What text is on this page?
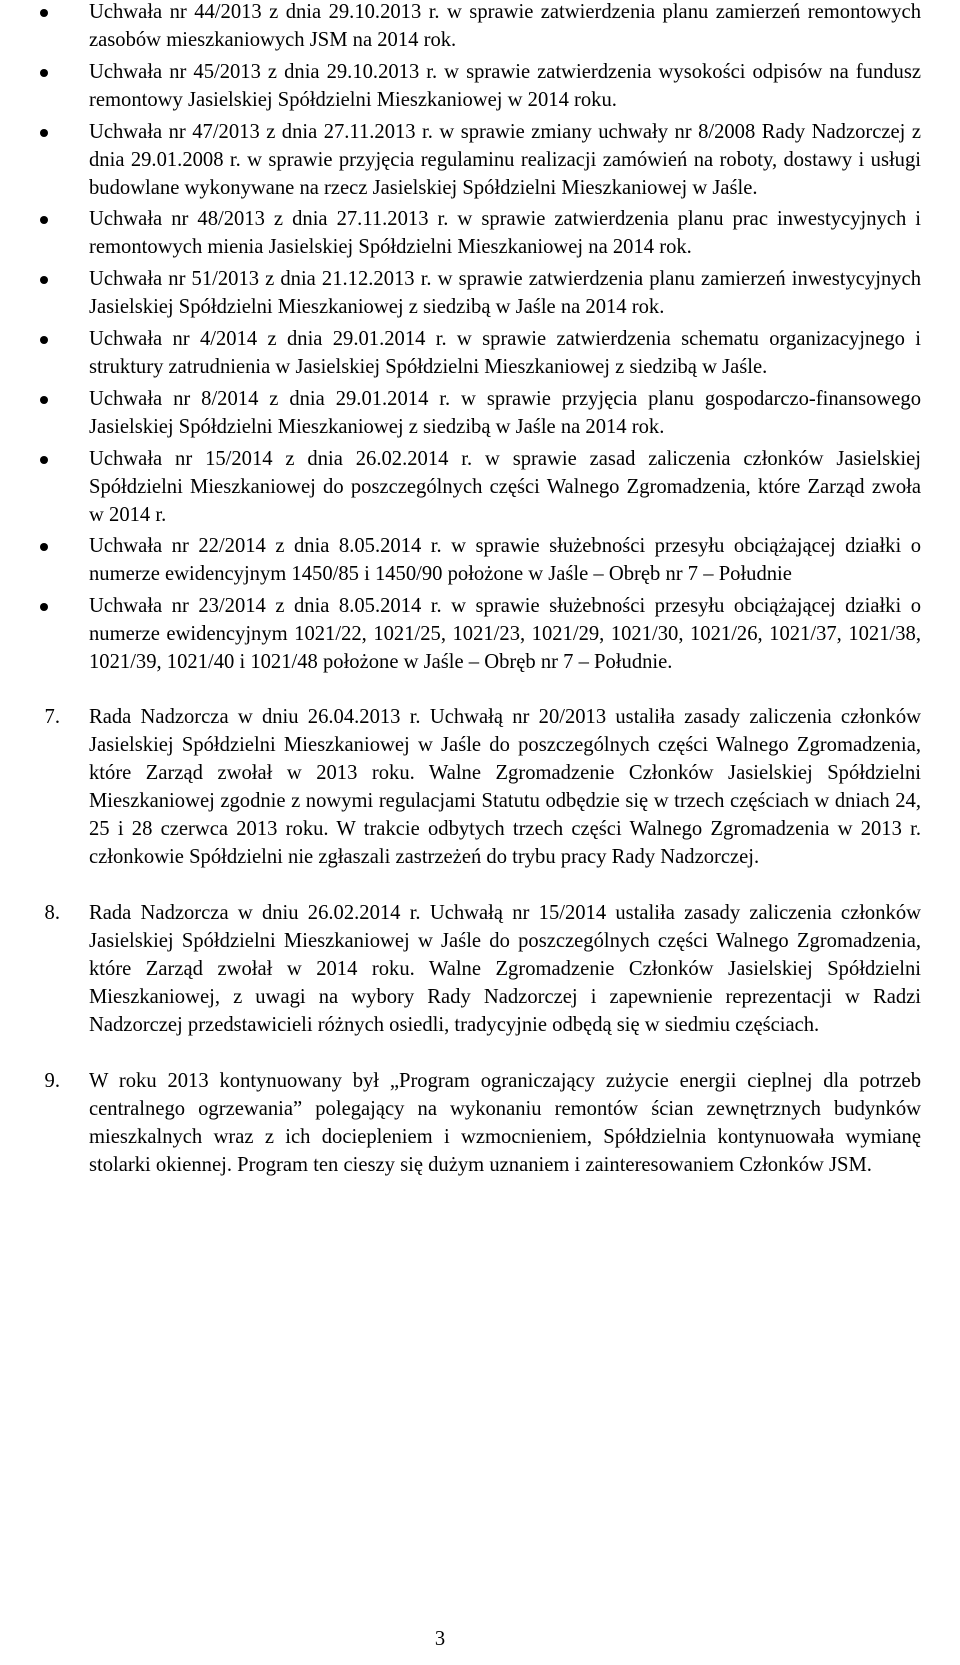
Uchwała nr 44/2013 z dnia 29.10.2013 r. w sprawie zatwierdzenia planu zamierzeń remontowych zasobów mieszkaniowych JSM na 2014 rok.

Uchwała nr 45/2013 z dnia 29.10.2013 r. w sprawie zatwierdzenia wysokości odpisów na fundusz remontowy Jasielskiej Spółdzielni Mieszkaniowej w 2014 roku.

Uchwała nr 47/2013 z dnia 27.11.2013 r. w sprawie zmiany uchwały nr 8/2008 Rady Nadzorczej z dnia 29.01.2008 r. w sprawie przyjęcia regulaminu realizacji zamówień na roboty, dostawy i usługi budowlane wykonywane na rzecz Jasielskiej Spółdzielni Mieszkaniowej w Jaśle.

Uchwała nr 48/2013 z dnia 27.11.2013 r. w sprawie zatwierdzenia planu prac inwestycyjnych i remontowych mienia Jasielskiej Spółdzielni Mieszkaniowej na 2014 rok.

Uchwała nr 51/2013 z dnia 21.12.2013 r. w sprawie zatwierdzenia planu zamierzeń inwestycyjnych Jasielskiej Spółdzielni Mieszkaniowej z siedzibą w Jaśle na 2014 rok.

Uchwała nr 4/2014 z dnia 29.01.2014 r. w sprawie zatwierdzenia schematu organizacyjnego i struktury zatrudnienia w Jasielskiej Spółdzielni Mieszkaniowej z siedzibą w Jaśle.

Uchwała nr 8/2014 z dnia 29.01.2014 r. w sprawie przyjęcia planu gospodarczo-finansowego Jasielskiej Spółdzielni Mieszkaniowej z siedzibą w Jaśle na 2014 rok.

Uchwała nr 15/2014 z dnia 26.02.2014 r. w sprawie zasad zaliczenia członków Jasielskiej Spółdzielni Mieszkaniowej do poszczególnych części Walnego Zgromadzenia, które Zarząd zwoła w 2014 r.

Uchwała nr 22/2014 z dnia 8.05.2014 r. w sprawie służebności przesyłu obciążającej działki o numerze ewidencyjnym 1450/85 i 1450/90 położone w Jaśle – Obręb nr 7 – Południe

Uchwała nr 23/2014 z dnia 8.05.2014 r. w sprawie służebności przesyłu obciążającej działki o numerze ewidencyjnym 1021/22, 1021/25, 1021/23, 1021/29, 1021/30, 1021/26, 1021/37, 1021/38, 1021/39, 1021/40 i 1021/48 położone w Jaśle – Obręb nr 7 – Południe.

7. Rada Nadzorcza w dniu 26.04.2013 r. Uchwałą nr 20/2013 ustaliła zasady zaliczenia członków Jasielskiej Spółdzielni Mieszkaniowej w Jaśle do poszczególnych części Walnego Zgromadzenia, które Zarząd zwołał w 2013 roku. Walne Zgromadzenie Członków Jasielskiej Spółdzielni Mieszkaniowej zgodnie z nowymi regulacjami Statutu odbędzie się w trzech częściach w dniach 24, 25 i 28 czerwca 2013 roku. W trakcie odbytych trzech części Walnego Zgromadzenia w 2013 r. członkowie Spółdzielni nie zgłaszali zastrzeżeń do trybu pracy Rady Nadzorczej.

8. Rada Nadzorcza w dniu 26.02.2014 r. Uchwałą nr 15/2014 ustaliła zasady zaliczenia członków Jasielskiej Spółdzielni Mieszkaniowej w Jaśle do poszczególnych części Walnego Zgromadzenia, które Zarząd zwołał w 2014 roku. Walne Zgromadzenie Członków Jasielskiej Spółdzielni Mieszkaniowej, z uwagi na wybory Rady Nadzorczej i zapewnienie reprezentacji w Radzi Nadzorczej przedstawicieli różnych osiedli, tradycyjnie odbędą się w siedmiu częściach.

9. W roku 2013 kontynuowany był „Program ograniczający zużycie energii cieplnej dla potrzeb centralnego ogrzewania” polegający na wykonaniu remontów ścian zewnętrznych budynków mieszkalnych wraz z ich dociepleniem i wzmocnieniem, Spółdzielnia kontynuowała wymianę stolarki okiennej. Program ten cieszy się dużym uznaniem i zainteresowaniem Członków JSM.

3
